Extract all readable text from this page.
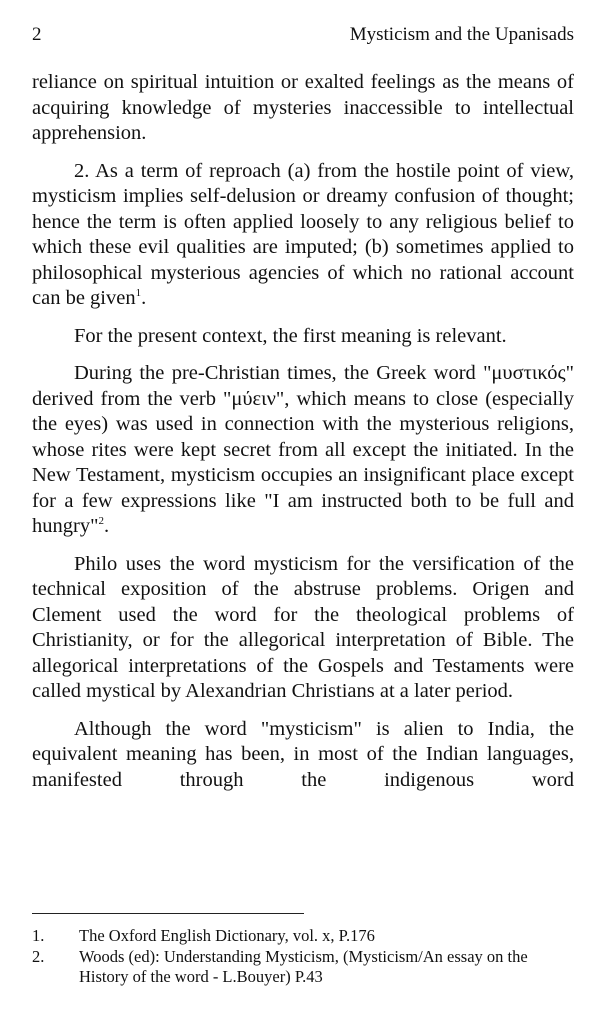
2	Mysticism and the Upanisads

reliance on spiritual intuition or exalted feelings as the means of acquiring knowledge of mysteries inaccessible to intellectual apprehension.

2. As a term of reproach (a) from the hostile point of view, mysticism implies self-delusion or dreamy confusion of thought; hence the term is often applied loosely to any religious belief to which these evil qualities are imputed; (b) sometimes applied to philosophical mysterious agencies of which no rational account can be given$^1$.

For the present context, the first meaning is relevant.

During the pre-Christian times, the Greek word "μυστικός" derived from the verb "μύειν", which means to close (especially the eyes) was used in connection with the mysterious religions, whose rites were kept secret from all except the initiated. In the New Testament, mysticism occupies an insignificant place except for a few expressions like "I am instructed both to be full and hungry"$^2$.

Philo uses the word mysticism for the versification of the technical exposition of the abstruse problems. Origen and Clement used the word for the theological problems of Christianity, or for the allegorical interpretation of Bible. The allegorical interpretations of the Gospels and Testaments were called mystical by Alexandrian Christians at a later period.

Although the word "mysticism" is alien to India, the equivalent meaning has been, in most of the Indian languages, manifested through the indigenous word

1. The Oxford English Dictionary, vol. x, P.176
2. Woods (ed): Understanding Mysticism, (Mysticism/An essay on the History of the word - L.Bouyer) P.43
